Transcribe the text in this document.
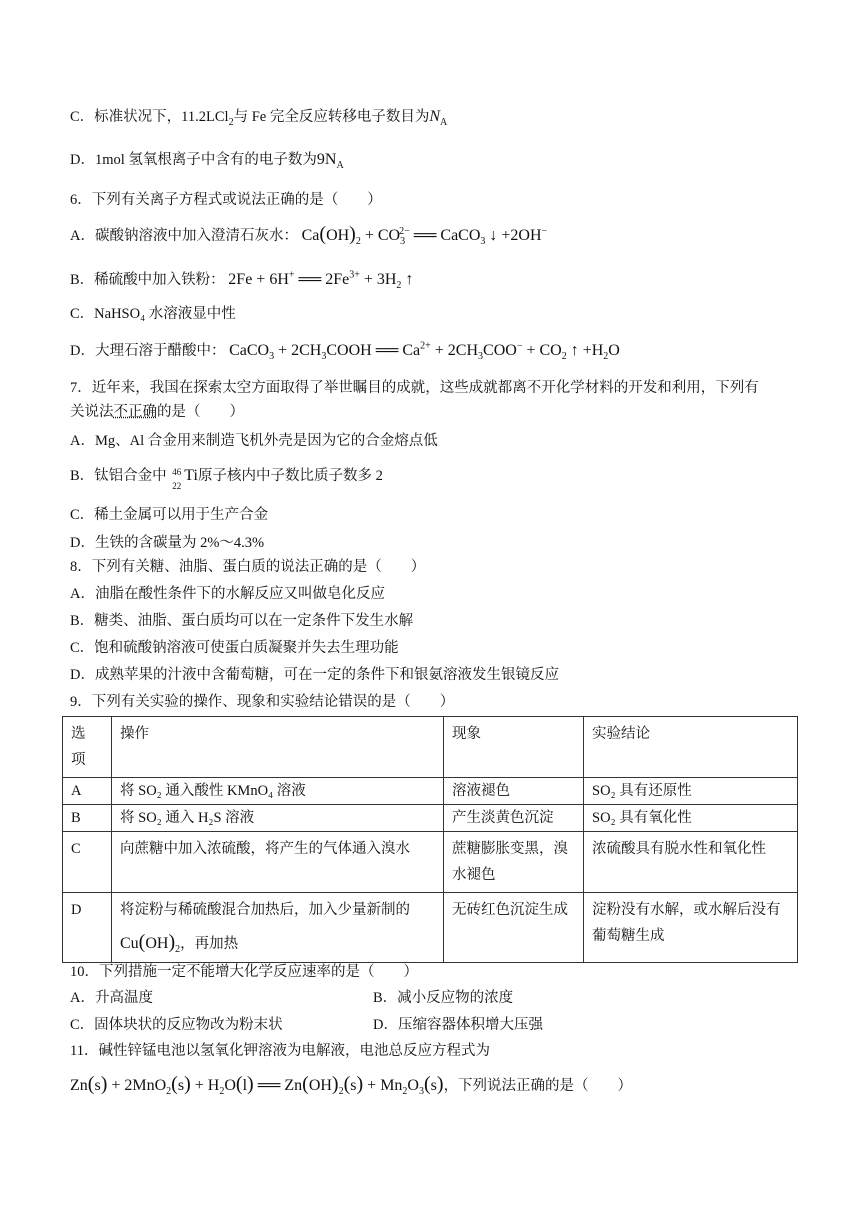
C．标准状况下，11.2LCl$_2$与 Fe 完全反应转移电子数目为$N_A$
D．1mol 氢氧根离子中含有的电子数为$9N_A$
6．下列有关离子方程式或说法正确的是（　　）
A．碳酸钠溶液中加入澄清石灰水： $Ca(OH)_2 + CO_3^{2-}$ ══ CaCO$_3$ ↓ +2OH−
B．稀硫酸中加入铁粉： 2Fe + 6H+ ══ $2Fe^{3+} + 3H_2$ ↑
C．NaHSO₄ 水溶液显中性
D．大理石溶于醋酸中： CaCO$_3$ + $2CH_3COOH$ ══ $Ca^{2+} + 2CH_3COO^- + CO_2$ ↑ $+H_2O$
7．近年来，我国在探索太空方面取得了举世瞩目的成就，这些成就都离不开化学材料的开发和利用，下列有
关说法不正确的是（　　）
A．Mg、Al 合金用来制造飞机外壳是因为它的合金熔点低
B．钛铝合金中 46
22
Ti原子核内中子数比质子数多 2
C．稀土金属可以用于生产合金
D．生铁的含碳量为 2%～4.3%
8．下列有关糖、油脂、蛋白质的说法正确的是（　　）
A．油脂在酸性条件下的水解反应又叫做皂化反应
B．糖类、油脂、蛋白质均可以在一定条件下发生水解
C．饱和硫酸钠溶液可使蛋白质凝聚并失去生理功能
D．成熟苹果的汁液中含葡萄糖，可在一定的条件下和银氨溶液发生银镜反应
9．下列有关实验的操作、现象和实验结论错误的是（　　）
选
项	操作	现象	实验结论
A	将 SO₂ 通入酸性 KMnO₄ 溶液	溶液褪色	SO₂ 具有还原性
B	将 SO₂ 通入 H₂S 溶液	产生淡黄色沉淀	SO₂ 具有氧化性
C	向蔗糖中加入浓硫酸，将产生的气体通入溴水	蔗糖膨胀变黑，溴水褪色	浓硫酸具有脱水性和氧化性
D	将淀粉与稀硫酸混合加热后，加入少量新制的
$Cu(OH)_2$，再加热	无砖红色沉淀生成	淀粉没有水解，或水解后没有葡萄糖生成
10．下列措施一定不能增大化学反应速率的是（　　）
A．升高温度	B．减小反应物的浓度
C．固体块状的反应物改为粉末状	D．压缩容器体积增大压强
11．碱性锌锰电池以氢氧化钾溶液为电解液，电池总反应方程式为
$Zn(s) + 2MnO_2(s) + H_2O(l)$ ══ $Zn(OH)_2(s) + Mn_2O_3(s)$，下列说法正确的是（　　）
